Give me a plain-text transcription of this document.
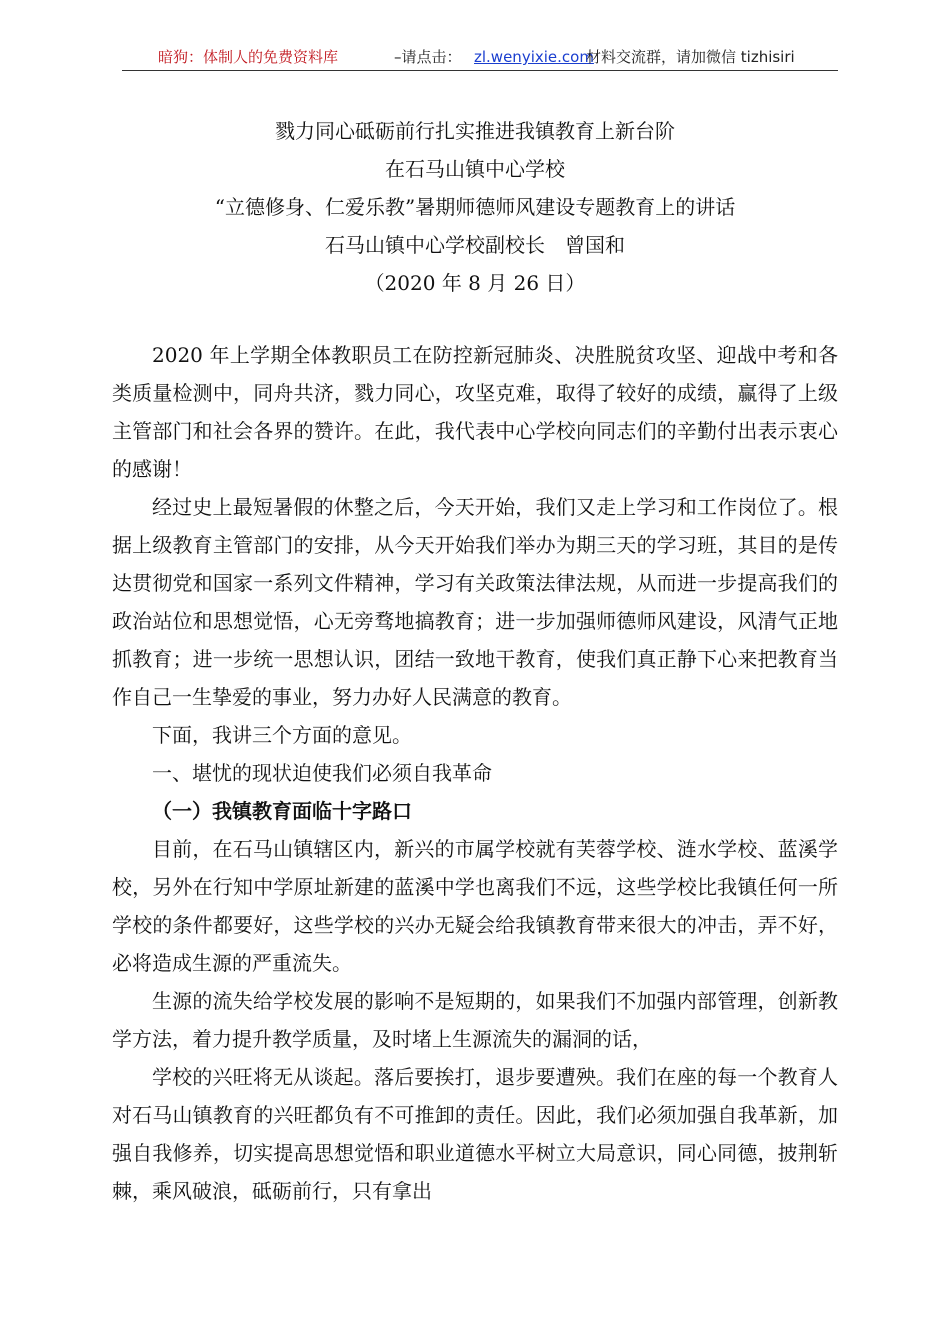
暗狗：体制人的免费资料库	–请点击： zl.wenyixie.com
材料交流群，请加微信 tizhisiri
戮力同心砥砺前行扎实推进我镇教育上新台阶
在石马山镇中心学校
“立德修身、仁爱乐教”暑期师德师风建设专题教育上的讲话
石马山镇中心学校副校长　曾国和
（2020 年 8 月 26 日）

2020 年上学期全体教职员工在防控新冠肺炎、决胜脱贫攻坚、迎战中考和各类质量检测中，同舟共济，戮力同心，攻坚克难，取得了较好的成绩，赢得了上级主管部门和社会各界的赞许。在此，我代表中心学校向同志们的辛勤付出表示衷心的感谢！

经过史上最短暑假的休整之后，今天开始，我们又走上学习和工作岗位了。根据上级教育主管部门的安排，从今天开始我们举办为期三天的学习班，其目的是传达贯彻党和国家一系列文件精神，学习有关政策法律法规，从而进一步提高我们的政治站位和思想觉悟，心无旁骛地搞教育；进一步加强师德师风建设，风清气正地抓教育；进一步统一思想认识，团结一致地干教育，使我们真正静下心来把教育当作自己一生挚爱的事业，努力办好人民满意的教育。

下面，我讲三个方面的意见。

一、堪忧的现状迫使我们必须自我革命

（一）我镇教育面临十字路口

目前，在石马山镇辖区内，新兴的市属学校就有芙蓉学校、涟水学校、蓝溪学校，另外在行知中学原址新建的蓝溪中学也离我们不远，这些学校比我镇任何一所学校的条件都要好，这些学校的兴办无疑会给我镇教育带来很大的冲击，弄不好，必将造成生源的严重流失。

生源的流失给学校发展的影响不是短期的，如果我们不加强内部管理，创新教学方法，着力提升教学质量，及时堵上生源流失的漏洞的话，

学校的兴旺将无从谈起。落后要挨打，退步要遭殃。我们在座的每一个教育人对石马山镇教育的兴旺都负有不可推卸的责任。因此，我们必须加强自我革新，加强自我修养，切实提高思想觉悟和职业道德水平树立大局意识，同心同德，披荆斩棘，乘风破浪，砥砺前行，只有拿出
